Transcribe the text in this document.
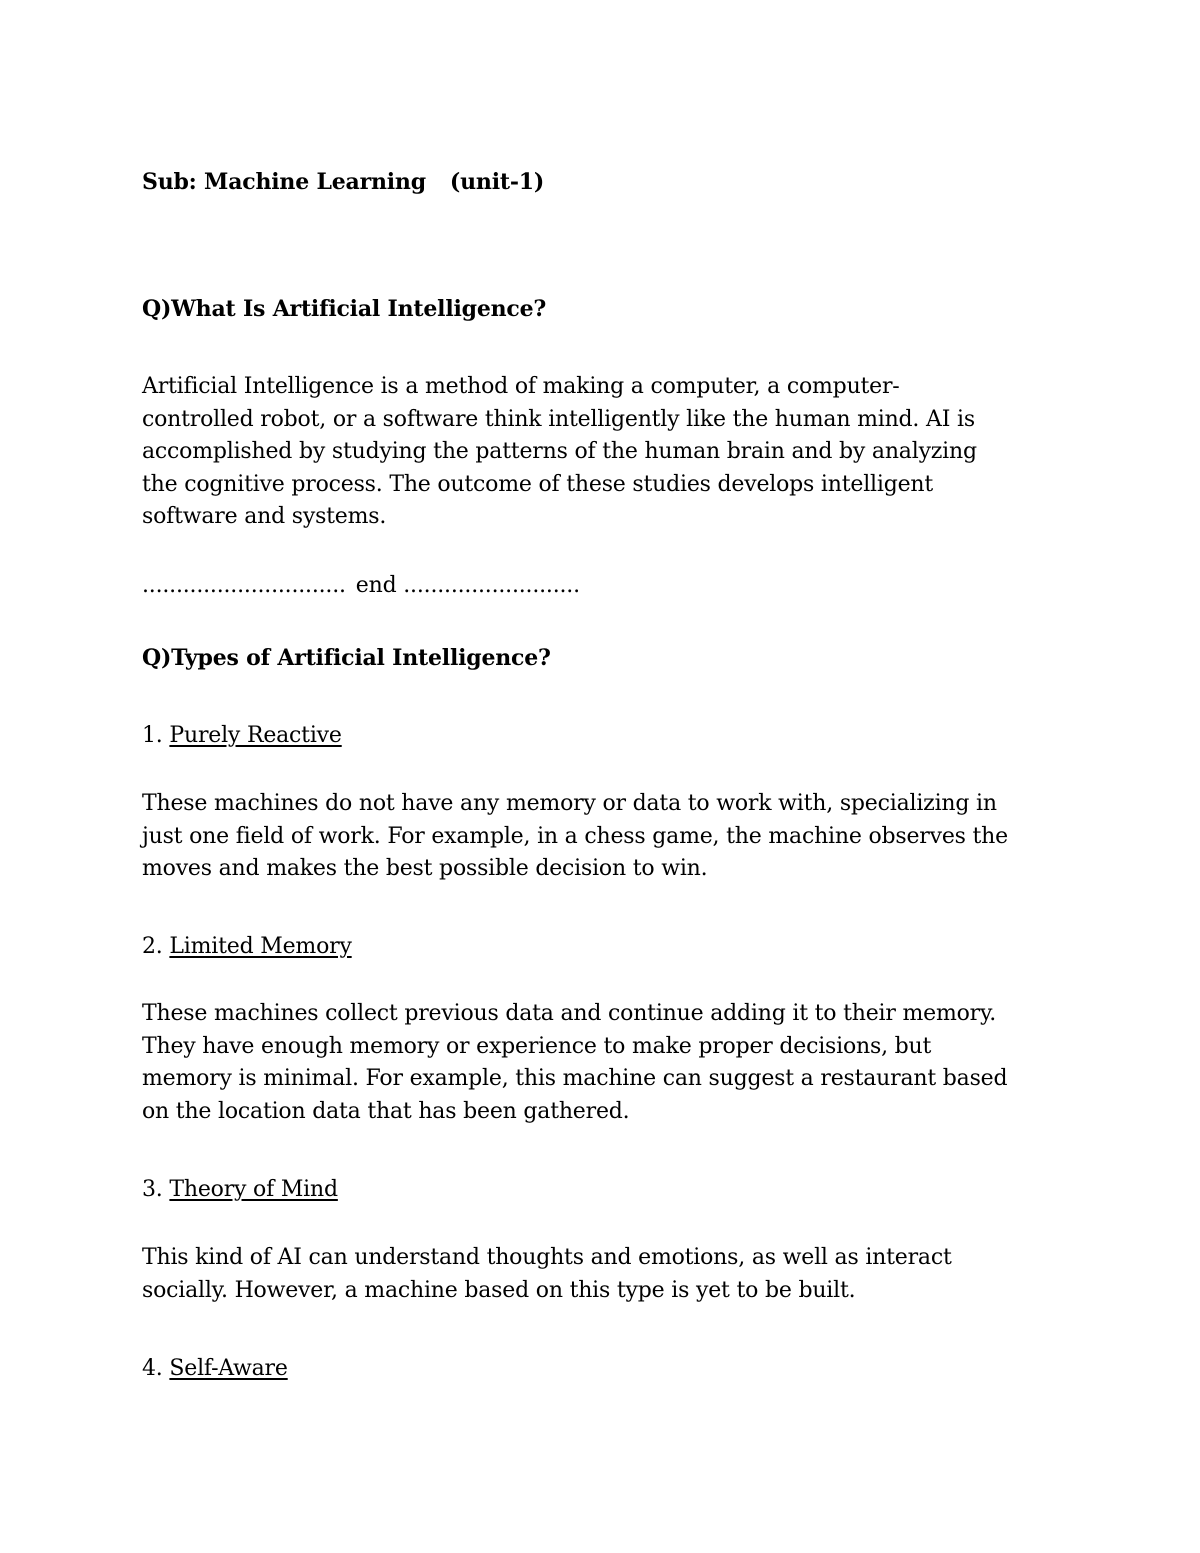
Sub: Machine Learning (unit-1)
Q)What Is Artificial Intelligence?
Artificial Intelligence is a method of making a computer, a computer-
controlled robot, or a software think intelligently like the human mind. AI is
accomplished by studying the patterns of the human brain and by analyzing
the cognitive process. The outcome of these studies develops intelligent
software and systems.
.............................. end ..........................
Q)Types of Artificial Intelligence?
1. Purely Reactive
These machines do not have any memory or data to work with, specializing in
just one field of work. For example, in a chess game, the machine observes the
moves and makes the best possible decision to win.
2. Limited Memory
These machines collect previous data and continue adding it to their memory.
They have enough memory or experience to make proper decisions, but
memory is minimal. For example, this machine can suggest a restaurant based
on the location data that has been gathered.
3. Theory of Mind
This kind of AI can understand thoughts and emotions, as well as interact
socially. However, a machine based on this type is yet to be built.
4. Self-Aware
